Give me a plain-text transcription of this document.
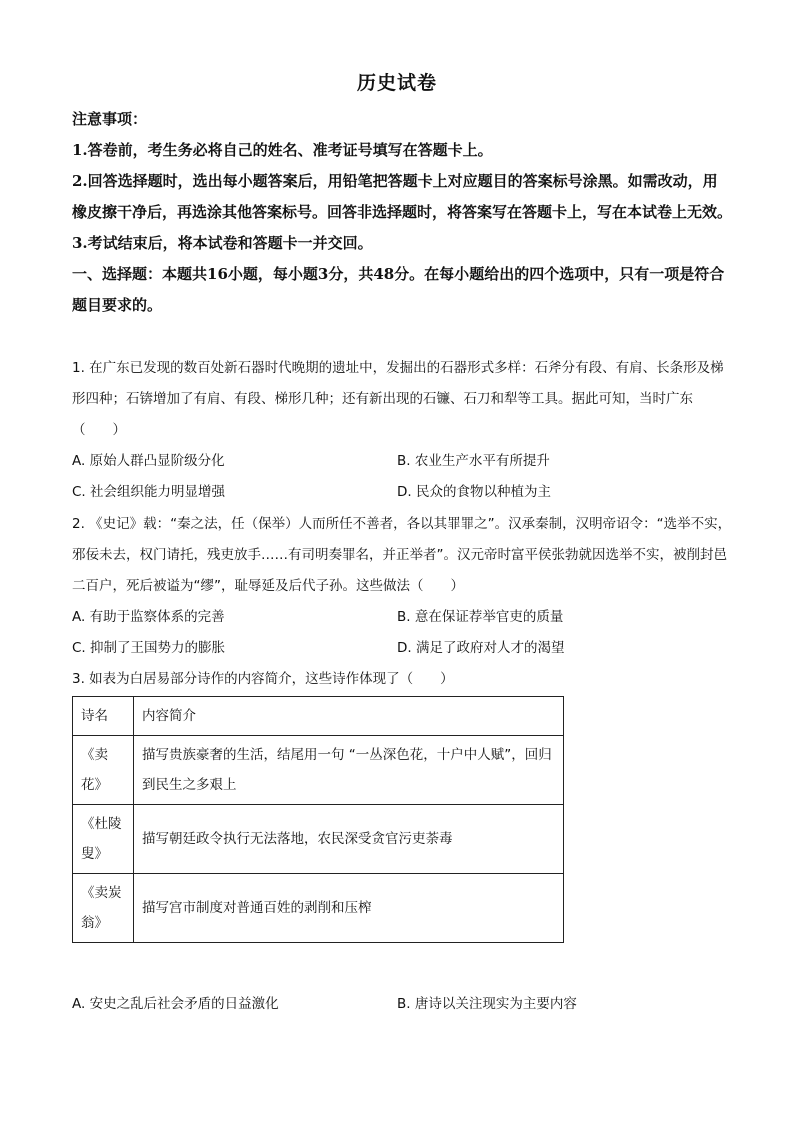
历史试卷

注意事项：

1.答卷前，考生务必将自己的姓名、准考证号填写在答题卡上。

2.回答选择题时，选出每小题答案后，用铅笔把答题卡上对应题目的答案标号涂黑。如需改动，用橡皮擦干净后，再选涂其他答案标号。回答非选择题时，将答案写在答题卡上，写在本试卷上无效。

3.考试结束后，将本试卷和答题卡一并交回。

一、选择题：本题共16小题，每小题3分，共48分。在每小题给出的四个选项中，只有一项是符合题目要求的。

1. 在广东已发现的数百处新石器时代晚期的遗址中，发掘出的石器形式多样：石斧分有段、有肩、长条形及梯形四种；石锛增加了有肩、有段、梯形几种；还有新出现的石镰、石刀和犁等工具。据此可知，当时广东（　　）

A. 原始人群凸显阶级分化	B. 农业生产水平有所提升
C. 社会组织能力明显增强	D. 民众的食物以种植为主

2. 《史记》载：“秦之法，任（保举）人而所任不善者，各以其罪罪之”。汉承秦制，汉明帝诏令：“选举不实，邪佞未去，权门请托，残吏放手……有司明奏罪名，并正举者”。汉元帝时富平侯张勃就因选举不实，被削封邑二百户，死后被谥为“缪”，耻辱延及后代子孙。这些做法（　　）

A. 有助于监察体系的完善	B. 意在保证荐举官吏的质量
C. 抑制了王国势力的膨胀	D. 满足了政府对人才的渴望

3. 如表为白居易部分诗作的内容简介，这些诗作体现了（　　）

诗名	内容简介
《卖花》	描写贵族豪奢的生活，结尾用一句 “一丛深色花，十户中人赋”，回归到民生之多艰上
《杜陵叟》	描写朝廷政令执行无法落地，农民深受贪官污吏荼毒
《卖炭翁》	描写宫市制度对普通百姓的剥削和压榨
A. 安史之乱后社会矛盾的日益激化	B. 唐诗以关注现实为主要内容
